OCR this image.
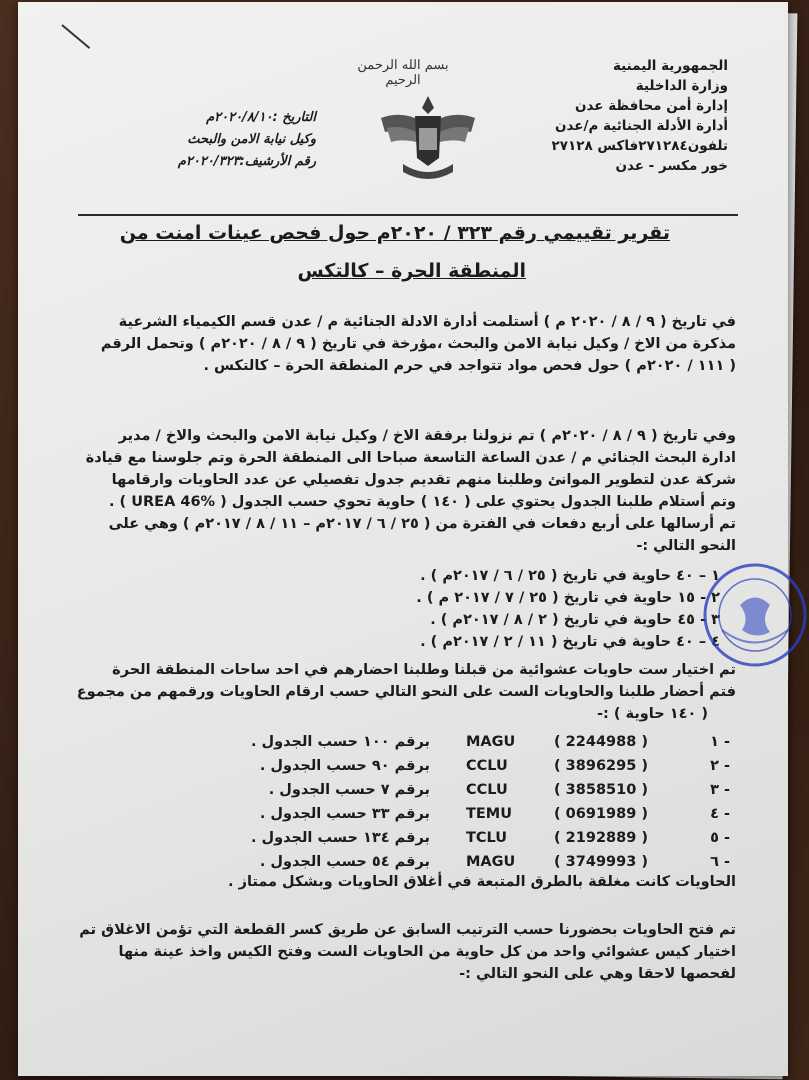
الجمهورية اليمنية
وزارة الداخلية
إدارة أمن محافظة عدن
أدارة الأدلة الجنائية م/عدن
تلفون٢٧١٢٨٤فاكس ٢٧١٢٨
خور مكسر - عدن
بسم الله الرحمن الرحيم
التاريخ :٢٠٢٠/٨/١٠م
وكيل نيابة الامن والبحث
رقم الأرشيف:٢٠٢٠/٣٢٣م
تقرير تقييمي رقم ٣٢٣ / ٢٠٢٠م حول فحص عينات امنت من
المنطقة الحرة – كالتكس
في تاريخ ( ٩ / ٨ / ٢٠٢٠ م ) أستلمت أدارة الادلة الجنائية م / عدن قسم الكيمياء الشرعية
مذكرة من الاخ / وكيل نيابة الامن والبحث ،مؤرخة في تاريخ ( ٩ / ٨ / ٢٠٢٠م ) وتحمل الرقم
( ١١١ / ٢٠٢٠م ) حول فحص مواد تتواجد في حرم المنطقة الحرة – كالتكس .
وفي تاريخ ( ٩ / ٨ / ٢٠٢٠م ) تم نزولنا برفقة الاخ / وكيل نيابة الامن والبحث والاخ / مدير
ادارة البحث الجنائي م / عدن الساعة التاسعة صباحا الى المنطقة الحرة وتم جلوسنا مع قيادة
شركة عدن لتطوير الموانئ وطلبنا منهم تقديم جدول تفصيلي عن عدد الحاويات وارقامها
وتم أستلام طلبنا الجدول يحتوي على ( ١٤٠ ) حاوية تحوي حسب الجدول ( UREA 46% ) .
تم أرسالها على أربع دفعات في الفترة من ( ٢٥ / ٦ / ٢٠١٧م – ١١ / ٨ / ٢٠١٧م ) وهي على
النحو التالي :-
١ – ٤٠ حاوية في تاريخ ( ٢٥ / ٦ / ٢٠١٧م ) .
٢ - ١٥ حاوية في تاريخ ( ٢٥ / ٧ / ٢٠١٧ م ) .
٣ - ٤٥ حاوية في تاريخ ( ٢ / ٨ / ٢٠١٧م ) .
٤ – ٤٠ حاوية في تاريخ ( ١١ / ٢ / ٢٠١٧م ) .
تم اختيار ست حاويات عشوائية من قبلنا وطلبنا احضارهم في احد ساحات المنطقة الحرة
فتم أحضار طلبنا والحاويات الست على النحو التالي حسب ارقام الحاويات ورقمهم من مجموع
( ١٤٠ حاوية ) :-
١ -
( 2244988 )
MAGU
برقم ١٠٠ حسب الجدول .
٢ -
( 3896295 )
CCLU
برقم ٩٠ حسب الجدول .
٣ -
( 3858510 )
CCLU
برقم ٧ حسب الجدول .
٤ -
( 0691989 )
TEMU
برقم ٣٣ حسب الجدول .
٥ -
( 2192889 )
TCLU
برقم ١٣٤ حسب الجدول .
٦ -
( 3749993 )
MAGU
برقم ٥٤ حسب الجدول .
الحاويات كانت مغلقة بالطرق المتبعة في أغلاق الحاويات وبشكل ممتاز .
تم فتح الحاويات بحضورنا حسب الترتيب السابق عن طريق كسر القطعة التي تؤمن الاغلاق تم
اختيار كيس عشوائي واحد من كل حاوية من الحاويات الست وفتح الكيس واخذ عينة منها
لفحصها لاحقا وهي على النحو التالي :-
